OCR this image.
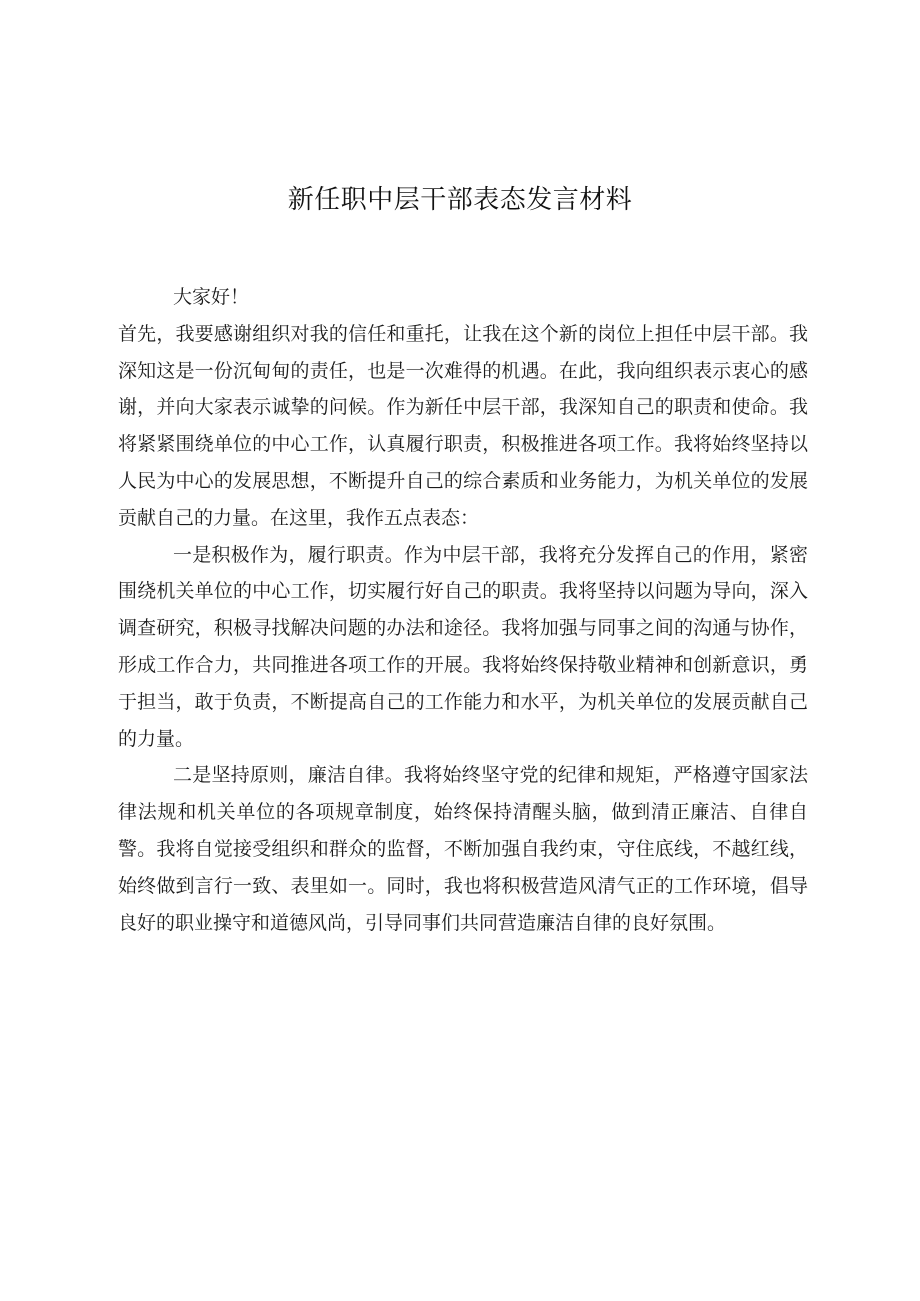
新任职中层干部表态发言材料

大家好！

首先，我要感谢组织对我的信任和重托，让我在这个新的岗位上担任中层干部。我深知这是一份沉甸甸的责任，也是一次难得的机遇。在此，我向组织表示衷心的感谢，并向大家表示诚挚的问候。作为新任中层干部，我深知自己的职责和使命。我将紧紧围绕单位的中心工作，认真履行职责，积极推进各项工作。我将始终坚持以人民为中心的发展思想，不断提升自己的综合素质和业务能力，为机关单位的发展贡献自己的力量。在这里，我作五点表态：

一是积极作为，履行职责。作为中层干部，我将充分发挥自己的作用，紧密围绕机关单位的中心工作，切实履行好自己的职责。我将坚持以问题为导向，深入调查研究，积极寻找解决问题的办法和途径。我将加强与同事之间的沟通与协作，形成工作合力，共同推进各项工作的开展。我将始终保持敬业精神和创新意识，勇于担当，敢于负责，不断提高自己的工作能力和水平，为机关单位的发展贡献自己的力量。

二是坚持原则，廉洁自律。我将始终坚守党的纪律和规矩，严格遵守国家法律法规和机关单位的各项规章制度，始终保持清醒头脑，做到清正廉洁、自律自警。我将自觉接受组织和群众的监督，不断加强自我约束，守住底线，不越红线，始终做到言行一致、表里如一。同时，我也将积极营造风清气正的工作环境，倡导良好的职业操守和道德风尚，引导同事们共同营造廉洁自律的良好氛围。
